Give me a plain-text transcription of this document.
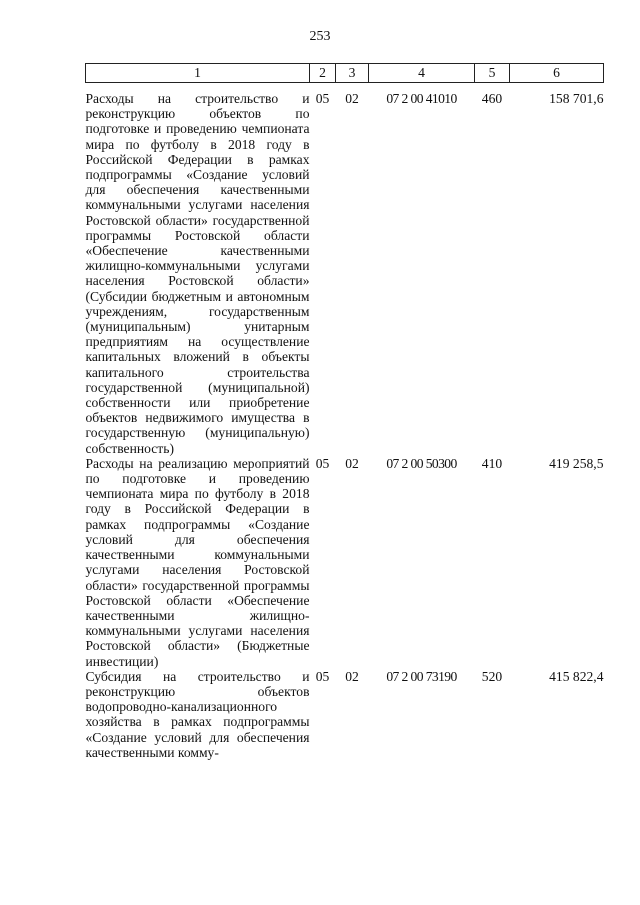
253
1	2	3	4	5	6
Расходы на строительство и реконструкцию объектов по подготовке и проведению чемпионата мира по футболу в 2018 году в Российской Федерации в рамках подпрограммы «Создание условий для обеспечения качественными коммунальными услугами населения Ростовской области» государственной программы Ростовской области «Обеспечение качественными жилищно-коммунальными услугами населения Ростовской области» (Субсидии бюджетным и автономным учреждениям, государственным (муниципальным) унитарным предприятиям на осуществление капитальных вложений в объекты капитального строительства государственной (муниципальной) собственности или приобретение объектов недвижимого имущества в государственную (муниципальную) собственность)	05	02	07 2 00 41010	460	158 701,6
Расходы на реализацию мероприятий по подготовке и проведению чемпионата мира по футболу в 2018 году в Российской Федерации в рамках подпрограммы «Создание условий для обеспечения качественными коммунальными услугами населения Ростовской области» государственной программы Ростовской области «Обеспечение качественными жилищно-коммунальными услугами населения Ростовской области» (Бюджетные инвестиции)	05	02	07 2 00 50300	410	419 258,5
Субсидия на строительство и реконструкцию объектов водопроводно-канализационного хозяйства в рамках подпрограммы «Создание условий для обеспечения качественными комму-	05	02	07 2 00 73190	520	415 822,4
